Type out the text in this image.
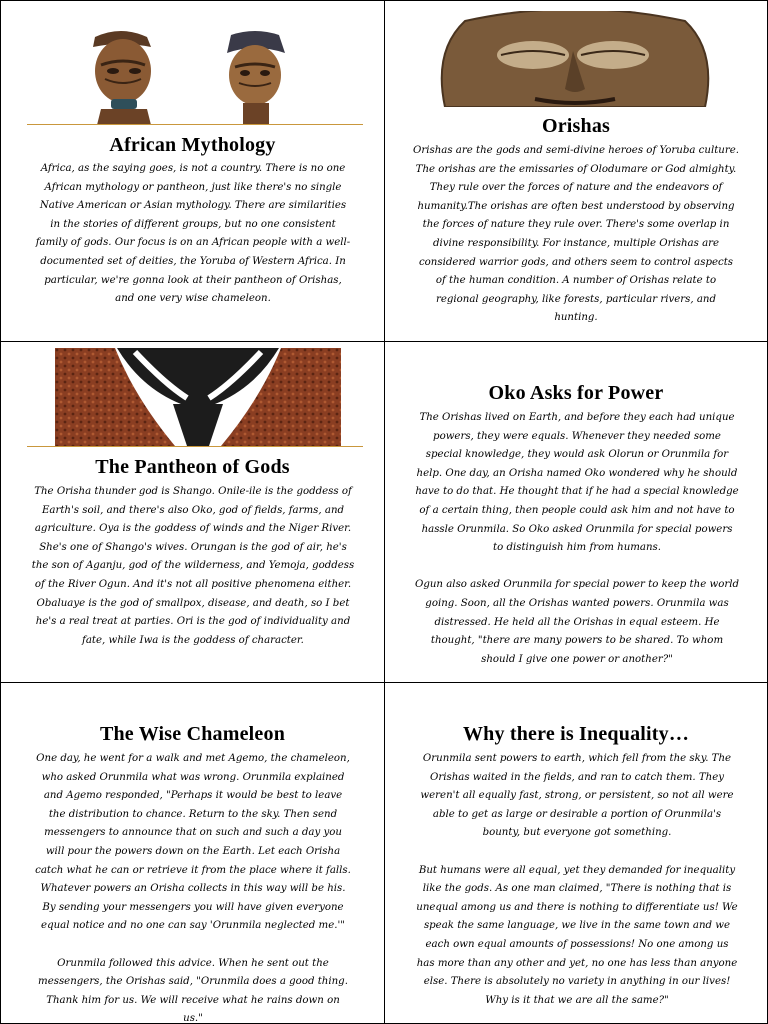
African Mythology

Africa, as the saying goes, is not a country. There is no one African mythology or pantheon, just like there's no single Native American or Asian mythology. There are similarities in the stories of different groups, but no one consistent family of gods. Our focus is on an African people with a well-documented set of deities, the Yoruba of Western Africa. In particular, we're gonna look at their pantheon of Orishas, and one very wise chameleon.

Orishas

Orishas are the gods and semi-divine heroes of Yoruba culture. The orishas are the emissaries of Olodumare or God almighty. They rule over the forces of nature and the endeavors of humanity.The orishas are often best understood by observing the forces of nature they rule over. There's some overlap in divine responsibility. For instance, multiple Orishas are considered warrior gods, and others seem to control aspects of the human condition. A number of Orishas relate to regional geography, like forests, particular rivers, and hunting.

The Pantheon of Gods

The Orisha thunder god is Shango. Onile-ile is the goddess of Earth's soil, and there's also Oko, god of fields, farms, and agriculture. Oya is the goddess of winds and the Niger River. She's one of Shango's wives. Orungan is the god of air, he's the son of Aganju, god of the wilderness, and Yemoja, goddess of the River Ogun. And it's not all positive phenomena either. Obaluaye is the god of smallpox, disease, and death, so I bet he's a real treat at parties. Ori is the god of individuality and fate, while Iwa is the goddess of character.

Oko Asks for Power

The Orishas lived on Earth, and before they each had unique powers, they were equals. Whenever they needed some special knowledge, they would ask Olorun or Orunmila for help. One day, an Orisha named Oko wondered why he should have to do that. He thought that if he had a special knowledge of a certain thing, then people could ask him and not have to hassle Orunmila. So Oko asked Orunmila for special powers to distinguish him from humans.

Ogun also asked Orunmila for special power to keep the world going. Soon, all the Orishas wanted powers. Orunmila was distressed. He held all the Orishas in equal esteem. He thought, "there are many powers to be shared. To whom should I give one power or another?"

The Wise Chameleon

One day, he went for a walk and met Agemo, the chameleon, who asked Orunmila what was wrong. Orunmila explained and Agemo responded, "Perhaps it would be best to leave the distribution to chance. Return to the sky. Then send messengers to announce that on such and such a day you will pour the powers down on the Earth. Let each Orisha catch what he can or retrieve it from the place where it falls. Whatever powers an Orisha collects in this way will be his. By sending your messengers you will have given everyone equal notice and no one can say 'Orunmila neglected me.'"

Orunmila followed this advice. When he sent out the messengers, the Orishas said, "Orunmila does a good thing. Thank him for us. We will receive what he rains down on us."

Why there is Inequality…

Orunmila sent powers to earth, which fell from the sky. The Orishas waited in the fields, and ran to catch them. They weren't all equally fast, strong, or persistent, so not all were able to get as large or desirable a portion of Orunmila's bounty, but everyone got something.

But humans were all equal, yet they demanded for inequality like the gods. As one man claimed, "There is nothing that is unequal among us and there is nothing to differentiate us! We speak the same language, we live in the same town and we each own equal amounts of possessions! No one among us has more than any other and yet, no one has less than anyone else. There is absolutely no variety in anything in our lives! Why is it that we are all the same?"
